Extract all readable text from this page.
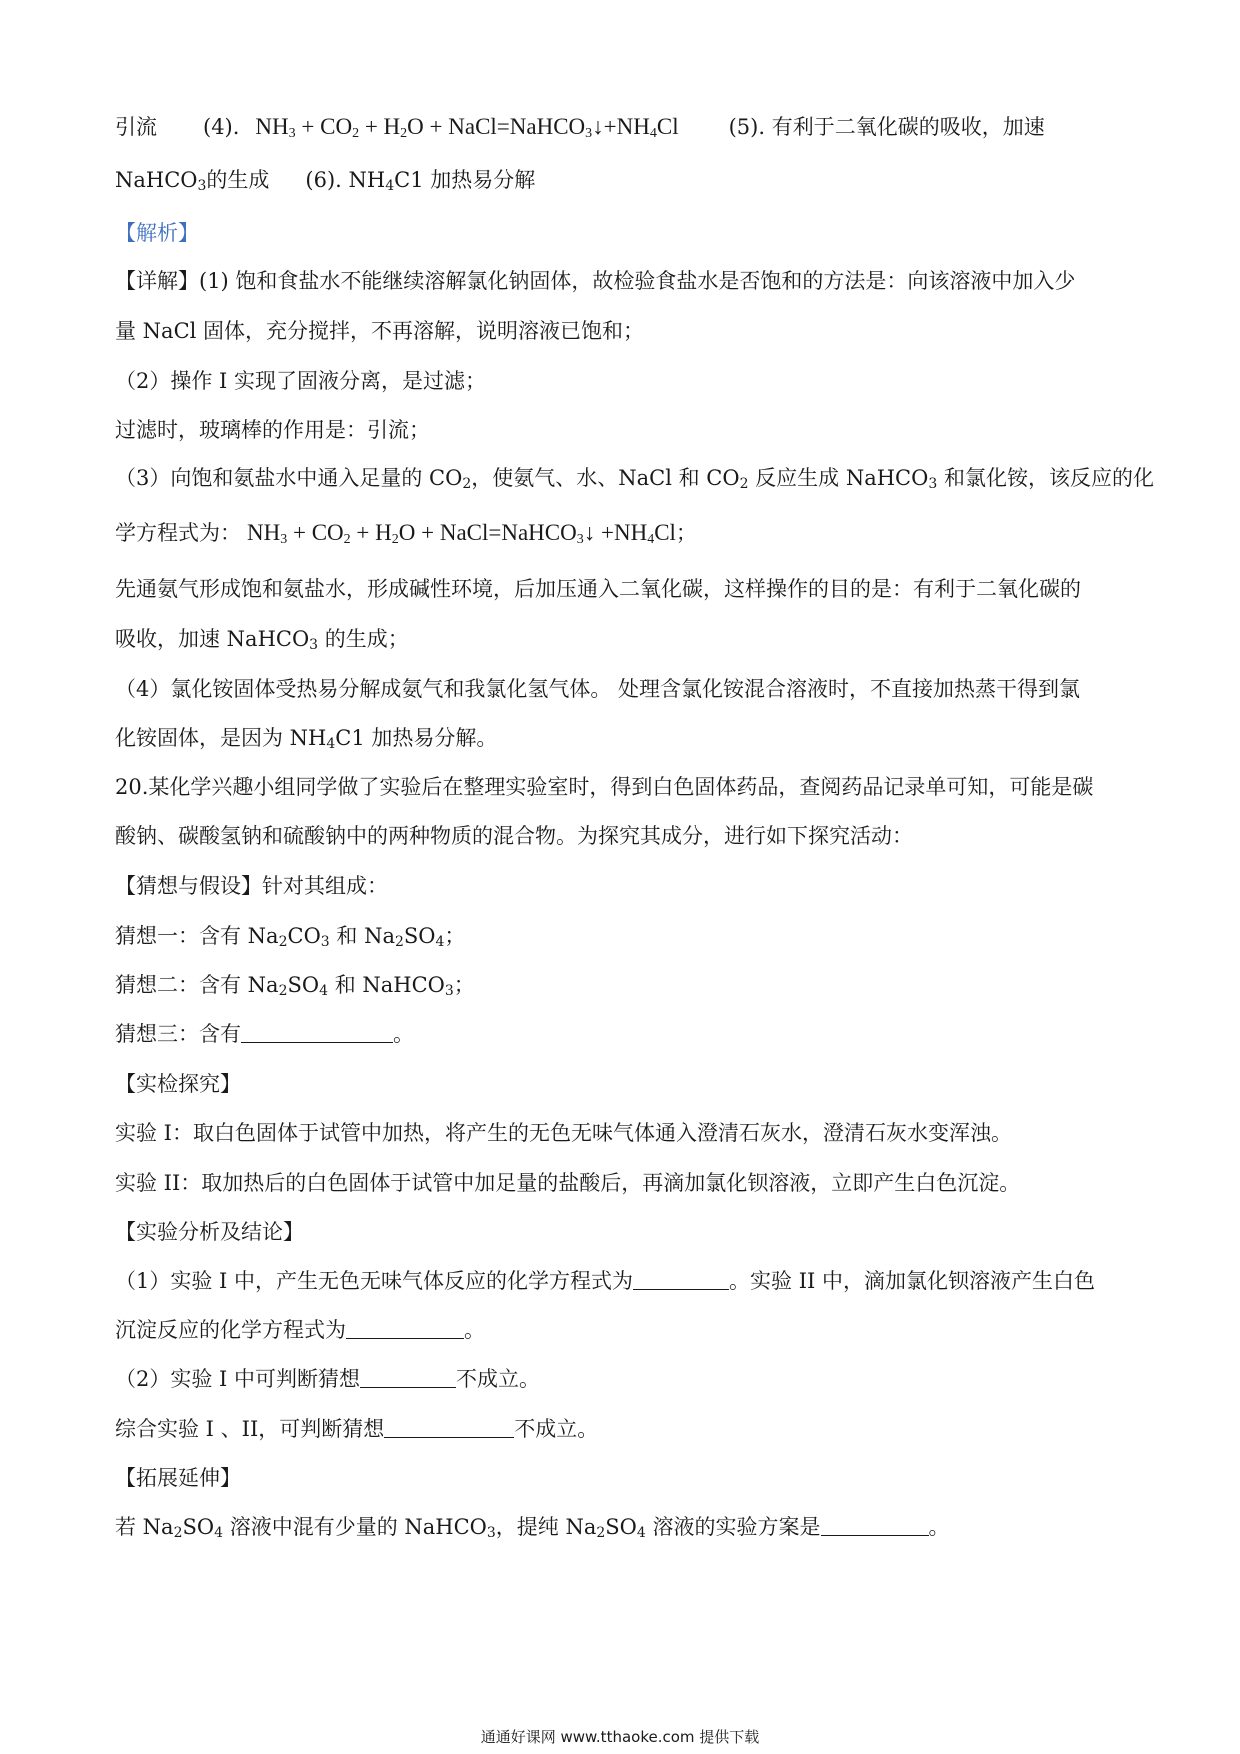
引流 (4). $NH_3 + CO_2 + H_2O$ + $NaCl=NaHCO_3↓+NH_4Cl$ (5). 有利于二氧化碳的吸收，加速
NaHCO$_3$的生成 (6). $NH_4C1$ 加热易分解
【解析】
【详解】(1) 饱和食盐水不能继续溶解氯化钠固体，故检验食盐水是否饱和的方法是：向该溶液中加入少
量 NaCl 固体，充分搅拌，不再溶解，说明溶液已饱和；
（2）操作 I 实现了固液分离，是过滤；
过滤时，玻璃棒的作用是：引流；
（3）向饱和氨盐水中通入足量的 $CO_2$，使氨气、水、NaCl 和 $CO_2$ 反应生成 NaHCO$_3$ 和氯化铵，该反应的化
学方程式为： $NH_3 + CO_2 + H_2O$ + NaCl=NaHCO$_3$↓ $+NH_4Cl$；
先通氨气形成饱和氨盐水，形成碱性环境，后加压通入二氧化碳，这样操作的目的是：有利于二氧化碳的
吸收，加速 NaHCO$_3$ 的生成；
（4）氯化铵固体受热易分解成氨气和我氯化氢气体。 处理含氯化铵混合溶液时，不直接加热蒸干得到氯
化铵固体，是因为 $NH_4C1$ 加热易分解。
20.某化学兴趣小组同学做了实验后在整理实验室时，得到白色固体药品，查阅药品记录单可知，可能是碳
酸钠、碳酸氢钠和硫酸钠中的两种物质的混合物。为探究其成分，进行如下探究活动：
【猜想与假设】针对其组成：
猜想一：含有 $Na_2CO_3$ 和 $Na_2SO_4$；
猜想二：含有 $Na_2SO_4$ 和 NaHCO$_3$；
猜想三：含有	。
【实检探究】
实验 I：取白色固体于试管中加热，将产生的无色无味气体通入澄清石灰水，澄清石灰水变浑浊。
实验 II：取加热后的白色固体于试管中加足量的盐酸后，再滴加氯化钡溶液，立即产生白色沉淀。
【实验分析及结论】
（1）实验 I 中，产生无色无味气体反应的化学方程式为	。实验 II 中，滴加氯化钡溶液产生白色
沉淀反应的化学方程式为	。
（2）实验 I 中可判断猜想	不成立。
综合实验 I 、II，可判断猜想	不成立。
【拓展延伸】
若 $Na_2SO_4$ 溶液中混有少量的 NaHCO$_3$，提纯 $Na_2SO_4$ 溶液的实验方案是	。
通通好课网 www.tthaoke.com 提供下载
